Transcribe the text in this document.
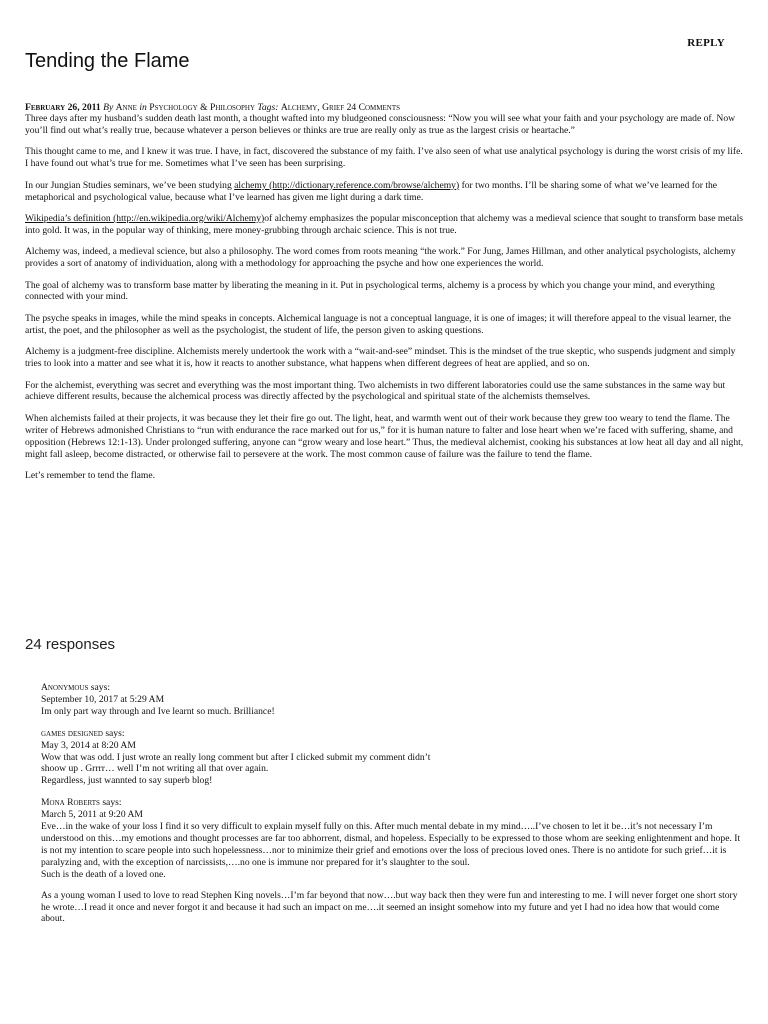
REPLY
Tending the Flame
February 26, 2011 By Anne in Psychology & Philosophy Tags: Alchemy, Grief 24 Comments

Three days after my husband’s sudden death last month, a thought wafted into my bludgeoned consciousness: “Now you will see what your faith and your psychology are made of. Now you’ll find out what’s really true, because whatever a person believes or thinks are true are really only as true as the largest crisis or heartache.”

This thought came to me, and I knew it was true. I have, in fact, discovered the substance of my faith. I’ve also seen of what use analytical psychology is during the worst crisis of my life. I have found out what’s true for me. Sometimes what I’ve seen has been surprising.

In our Jungian Studies seminars, we’ve been studying alchemy (http://dictionary.reference.com/browse/alchemy) for two months. I’ll be sharing some of what we’ve learned for the metaphorical and psychological value, because what I’ve learned has given me light during a dark time.

Wikipedia’s definition (http://en.wikipedia.org/wiki/Alchemy)of alchemy emphasizes the popular misconception that alchemy was a medieval science that sought to transform base metals into gold. It was, in the popular way of thinking, mere money-grubbing through archaic science. This is not true.

Alchemy was, indeed, a medieval science, but also a philosophy. The word comes from roots meaning “the work.” For Jung, James Hillman, and other analytical psychologists, alchemy provides a sort of anatomy of individuation, along with a methodology for approaching the psyche and how one experiences the world.

The goal of alchemy was to transform base matter by liberating the meaning in it. Put in psychological terms, alchemy is a process by which you change your mind, and everything connected with your mind.

The psyche speaks in images, while the mind speaks in concepts. Alchemical language is not a conceptual language, it is one of images; it will therefore appeal to the visual learner, the artist, the poet, and the philosopher as well as the psychologist, the student of life, the person given to asking questions.

Alchemy is a judgment-free discipline. Alchemists merely undertook the work with a “wait-and-see” mindset. This is the mindset of the true skeptic, who suspends judgment and simply tries to look into a matter and see what it is, how it reacts to another substance, what happens when different degrees of heat are applied, and so on.

For the alchemist, everything was secret and everything was the most important thing. Two alchemists in two different laboratories could use the same substances in the same way but achieve different results, because the alchemical process was directly affected by the psychological and spiritual state of the alchemists themselves.

When alchemists failed at their projects, it was because they let their fire go out. The light, heat, and warmth went out of their work because they grew too weary to tend the flame. The writer of Hebrews admonished Christians to “run with endurance the race marked out for us,” for it is human nature to falter and lose heart when we’re faced with suffering, shame, and opposition (Hebrews 12:1-13). Under prolonged suffering, anyone can “grow weary and lose heart.” Thus, the medieval alchemist, cooking his substances at low heat all day and all night, might fall asleep, become distracted, or otherwise fail to persevere at the work. The most common cause of failure was the failure to tend the flame.

Let’s remember to tend the flame.

24 responses
Anonymous says:
September 10, 2017 at 5:29 AM

Im only part way through and Ive learnt so much. Brilliance!

games designed says:
May 3, 2014 at 8:20 AM

Wow that was odd. I just wrote an really long comment but after I clicked submit my comment didn’t

shoow up . Grrrr… well I’m not writing all that over again.

Regardless, just wannted to say superb blog!

Mona Roberts says:
March 5, 2011 at 9:20 AM

Eve…in the wake of your loss I find it so very difficult to explain myself fully on this. After much mental debate in my mind…..I’ve chosen to let it be…it’s not necessary I’m understood on this…my emotions and thought processes are far too abhorrent, dismal, and hopeless. Especially to be expressed to those whom are seeking enlightenment and hope. It is not my intention to scare people into such hopelessness…nor to minimize their grief and emotions over the loss of precious loved ones. There is no antidote for such grief…it is paralyzing and, with the exception of narcissists,….no one is immune nor prepared for it’s slaughter to the soul.

Such is the death of a loved one.

As a young woman I used to love to read Stephen King novels…I’m far beyond that now….but way back then they were fun and interesting to me. I will never forget one short story he wrote…I read it once and never forgot it and because it had such an impact on me….it seemed an insight somehow into my future and yet I had no idea how that would come about.
